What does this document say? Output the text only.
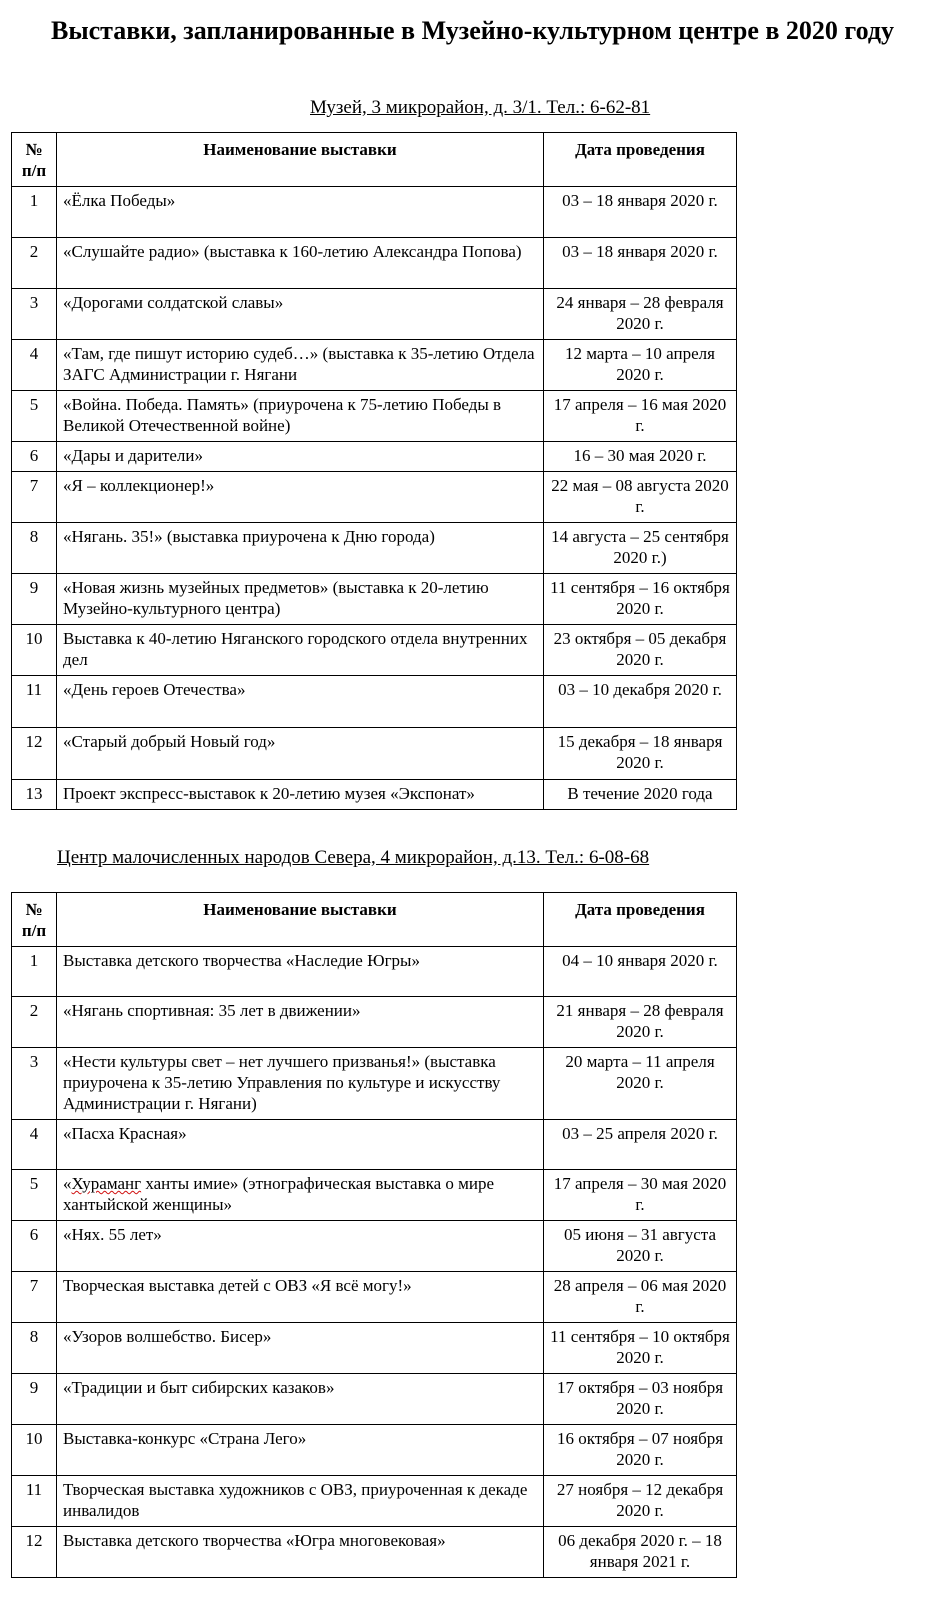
Выставки, запланированные в Музейно-культурном центре в 2020 году
Музей, 3 микрорайон, д. 3/1. Тел.: 6-62-81
№ п/п	Наименование выставки	Дата проведения
1	«Ёлка Победы»	03 – 18 января 2020 г.
2	«Слушайте радио» (выставка к 160-летию Александра Попова)	03 – 18 января 2020 г.
3	«Дорогами солдатской славы»	24 января – 28 февраля 2020 г.
4	«Там, где пишут историю судеб…» (выставка к 35-летию Отдела ЗАГС Администрации г. Нягани	12 марта – 10 апреля 2020 г.
5	«Война. Победа. Память» (приурочена к 75-летию Победы в Великой Отечественной войне)	17 апреля – 16 мая 2020 г.
6	«Дары и дарители»	16 – 30 мая 2020 г.
7	«Я – коллекционер!»	22 мая – 08 августа 2020 г.
8	«Нягань. 35!» (выставка приурочена к Дню города)	14 августа – 25 сентября 2020 г.)
9	«Новая жизнь музейных предметов» (выставка к 20-летию Музейно-культурного центра)	11 сентября – 16 октября 2020 г.
10	Выставка к 40-летию Няганского городского отдела внутренних дел	23 октября – 05 декабря 2020 г.
11	«День героев Отечества»	03 – 10 декабря 2020 г.
12	«Старый добрый Новый год»	15 декабря – 18 января 2020 г.
13	Проект экспресс-выставок к 20-летию музея «Экспонат»	В течение 2020 года
Центр малочисленных народов Севера, 4 микрорайон, д.13. Тел.: 6-08-68
№ п/п	Наименование выставки	Дата проведения
1	Выставка детского творчества «Наследие Югры»	04 – 10 января 2020 г.
2	«Нягань спортивная: 35 лет в движении»	21 января – 28 февраля 2020 г.
3	«Нести культуры свет – нет лучшего призванья!» (выставка приурочена к 35-летию Управления по культуре и искусству Администрации г. Нягани)	20 марта – 11 апреля 2020 г.
4	«Пасха Красная»	03 – 25 апреля 2020 г.
5	«Хураманг ханты имие» (этнографическая выставка о мире хантыйской женщины»	17 апреля – 30 мая 2020 г.
6	«Нях. 55 лет»	05 июня – 31 августа 2020 г.
7	Творческая выставка детей с ОВЗ «Я всё могу!»	28 апреля – 06 мая 2020 г.
8	«Узоров волшебство. Бисер»	11 сентября – 10 октября 2020 г.
9	«Традиции и быт сибирских казаков»	17 октября – 03 ноября 2020 г.
10	Выставка-конкурс «Страна Лего»	16 октября – 07 ноября 2020 г.
11	Творческая выставка художников с ОВЗ, приуроченная к декаде инвалидов	27 ноября – 12 декабря 2020 г.
12	Выставка детского творчества «Югра многовековая»	06 декабря 2020 г. – 18 января 2021 г.
